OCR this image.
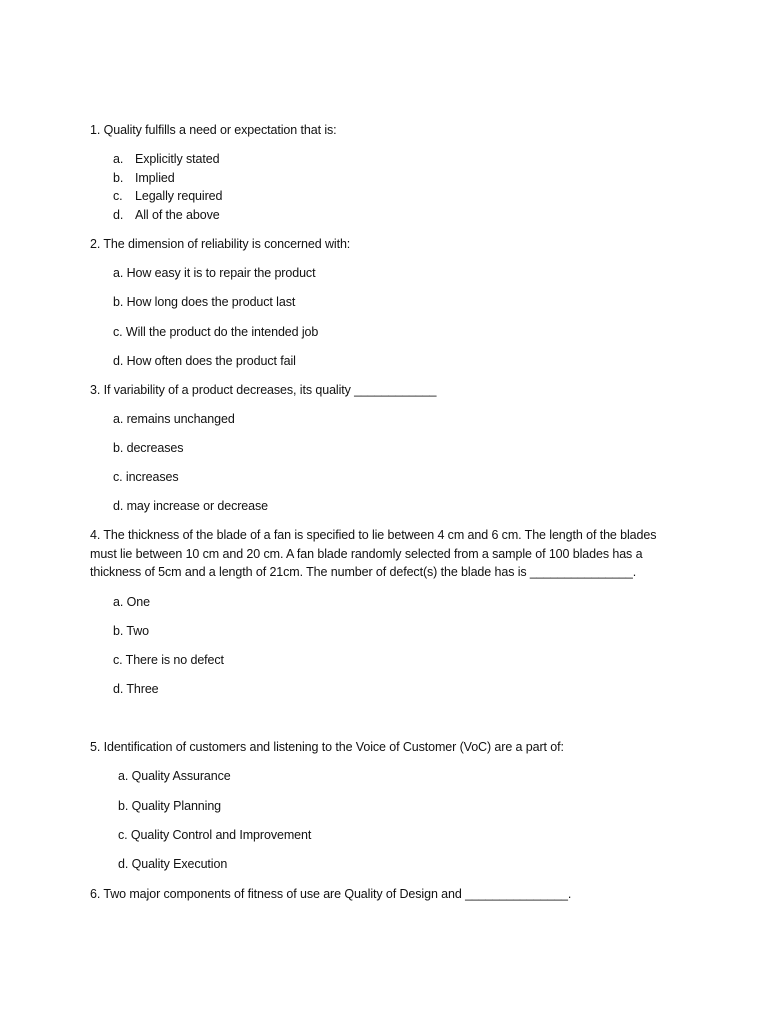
1. Quality fulfills a need or expectation that is:
a. Explicitly stated
b. Implied
c. Legally required
d. All of the above
2. The dimension of reliability is concerned with:
a. How easy it is to repair the product
b. How long does the product last
c. Will the product do the intended job
d. How often does the product fail
3. If variability of a product decreases, its quality ____________
a. remains unchanged
b. decreases
c. increases
d. may increase or decrease
4. The thickness of the blade of a fan is specified to lie between 4 cm and 6 cm. The length of the blades must lie between 10 cm and 20 cm. A fan blade randomly selected from a sample of 100 blades has a thickness of 5cm and a length of 21cm. The number of defect(s) the blade has is _______________.
a. One
b. Two
c. There is no defect
d. Three
5. Identification of customers and listening to the Voice of Customer (VoC) are a part of:
a. Quality Assurance
b. Quality Planning
c. Quality Control and Improvement
d. Quality Execution
6. Two major components of fitness of use are Quality of Design and _______________.
